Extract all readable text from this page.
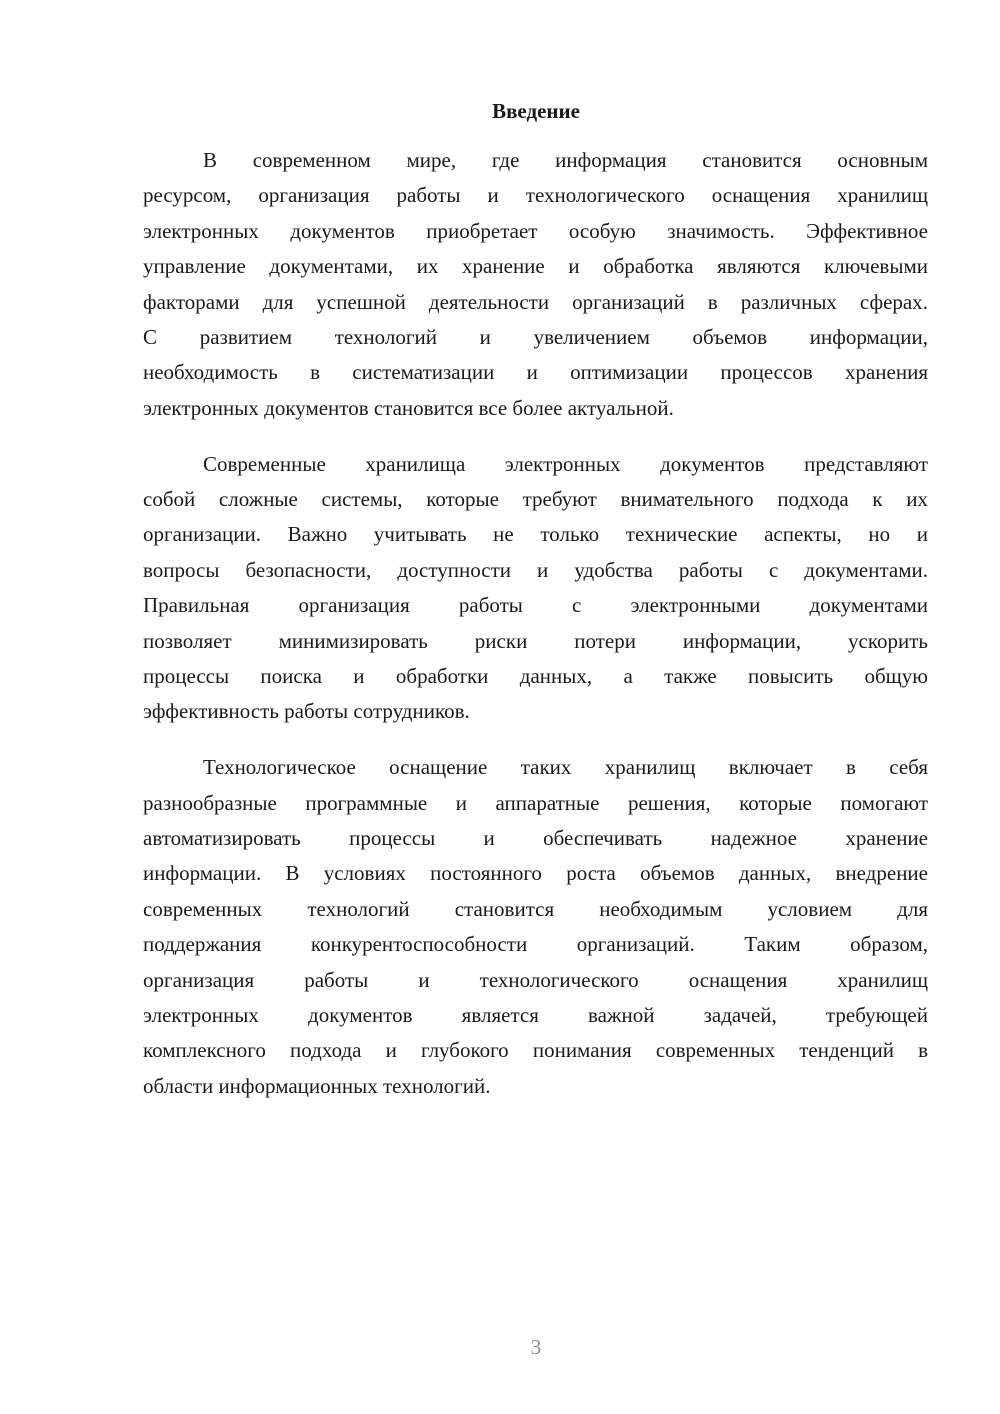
Введение
В современном мире, где информация становится основным
ресурсом, организация работы и технологического оснащения хранилищ
электронных документов приобретает особую значимость. Эффективное
управление документами, их хранение и обработка являются ключевыми
факторами для успешной деятельности организаций в различных сферах.
С развитием технологий и увеличением объемов информации,
необходимость в систематизации и оптимизации процессов хранения
электронных документов становится все более актуальной.
Современные хранилища электронных документов представляют
собой сложные системы, которые требуют внимательного подхода к их
организации. Важно учитывать не только технические аспекты, но и
вопросы безопасности, доступности и удобства работы с документами.
Правильная организация работы с электронными документами
позволяет минимизировать риски потери информации, ускорить
процессы поиска и обработки данных, а также повысить общую
эффективность работы сотрудников.
Технологическое оснащение таких хранилищ включает в себя
разнообразные программные и аппаратные решения, которые помогают
автоматизировать процессы и обеспечивать надежное хранение
информации. В условиях постоянного роста объемов данных, внедрение
современных технологий становится необходимым условием для
поддержания конкурентоспособности организаций. Таким образом,
организация работы и технологического оснащения хранилищ
электронных документов является важной задачей, требующей
комплексного подхода и глубокого понимания современных тенденций в
области информационных технологий.
3
